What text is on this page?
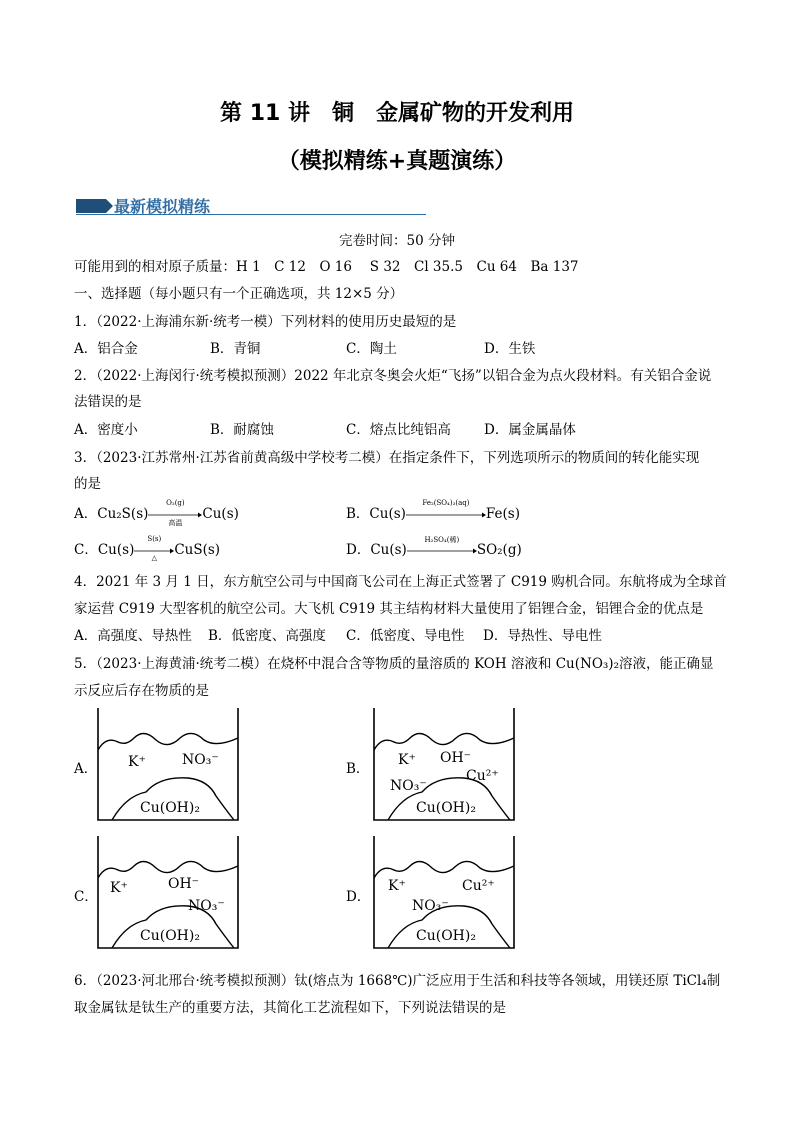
第 11 讲　铜　金属矿物的开发利用
（模拟精练+真题演练）
最新模拟精练
完卷时间：50 分钟
可能用到的相对原子质量：H 1　C 12　O 16　 S 32　Cl 35.5　Cu 64　Ba 137
一、选择题（每小题只有一个正确选项，共 12×5 分）
1．（2022·上海浦东新·统考一模）下列材料的使用历史最短的是
A．铝合金	B．青铜	C．陶土	D．生铁
2．（2022·上海闵行·统考模拟预测）2022 年北京冬奥会火炬“飞扬”以铝合金为点火段材料。有关铝合金说
法错误的是
A．密度小	B．耐腐蚀	C．熔点比纯铝高 D．属金属晶体
3．（2023·江苏常州·江苏省前黄高级中学校考二模）在指定条件下，下列选项所示的物质间的转化能实现
的是
A．Cu₂S(s)
O₂(g)
高温
Cu(s)	B．Cu(s)
Fe₂(SO₄)₃(aq)
Fe(s)
C．Cu(s)
S(s)
△	CuS(s)	D．Cu(s)
H₂SO₄(稀)
SO₂(g)
4．2021 年 3 月 1 日，东方航空公司与中国商飞公司在上海正式签署了 C919 购机合同。东航将成为全球首
家运营 C919 大型客机的航空公司。大飞机 C919 其主结构材料大量使用了铝锂合金，铝锂合金的优点是
A．高强度、导热性 B．低密度、高强度 C．低密度、导电性 D．导热性、导电性
5．（2023·上海黄浦·统考二模）在烧杯中混合含等物质的量溶质的 KOH 溶液和 Cu(NO₃)₂溶液，能正确显
示反应后存在物质的是
A． K⁺	NO₃⁻
Cu(OH)₂
B．
K⁺ OH⁻
NO₃⁻
Cu²⁺
Cu(OH)₂
C．
K⁺	OH⁻
NO₃⁻
Cu(OH)₂
D．
K⁺	Cu²⁺
NO₃⁻
Cu(OH)₂
6．（2023·河北邢台·统考模拟预测）钛(熔点为 1668℃)广泛应用于生活和科技等各领域，用镁还原 TiCl₄制
取金属钛是钛生产的重要方法，其简化工艺流程如下，下列说法错误的是
